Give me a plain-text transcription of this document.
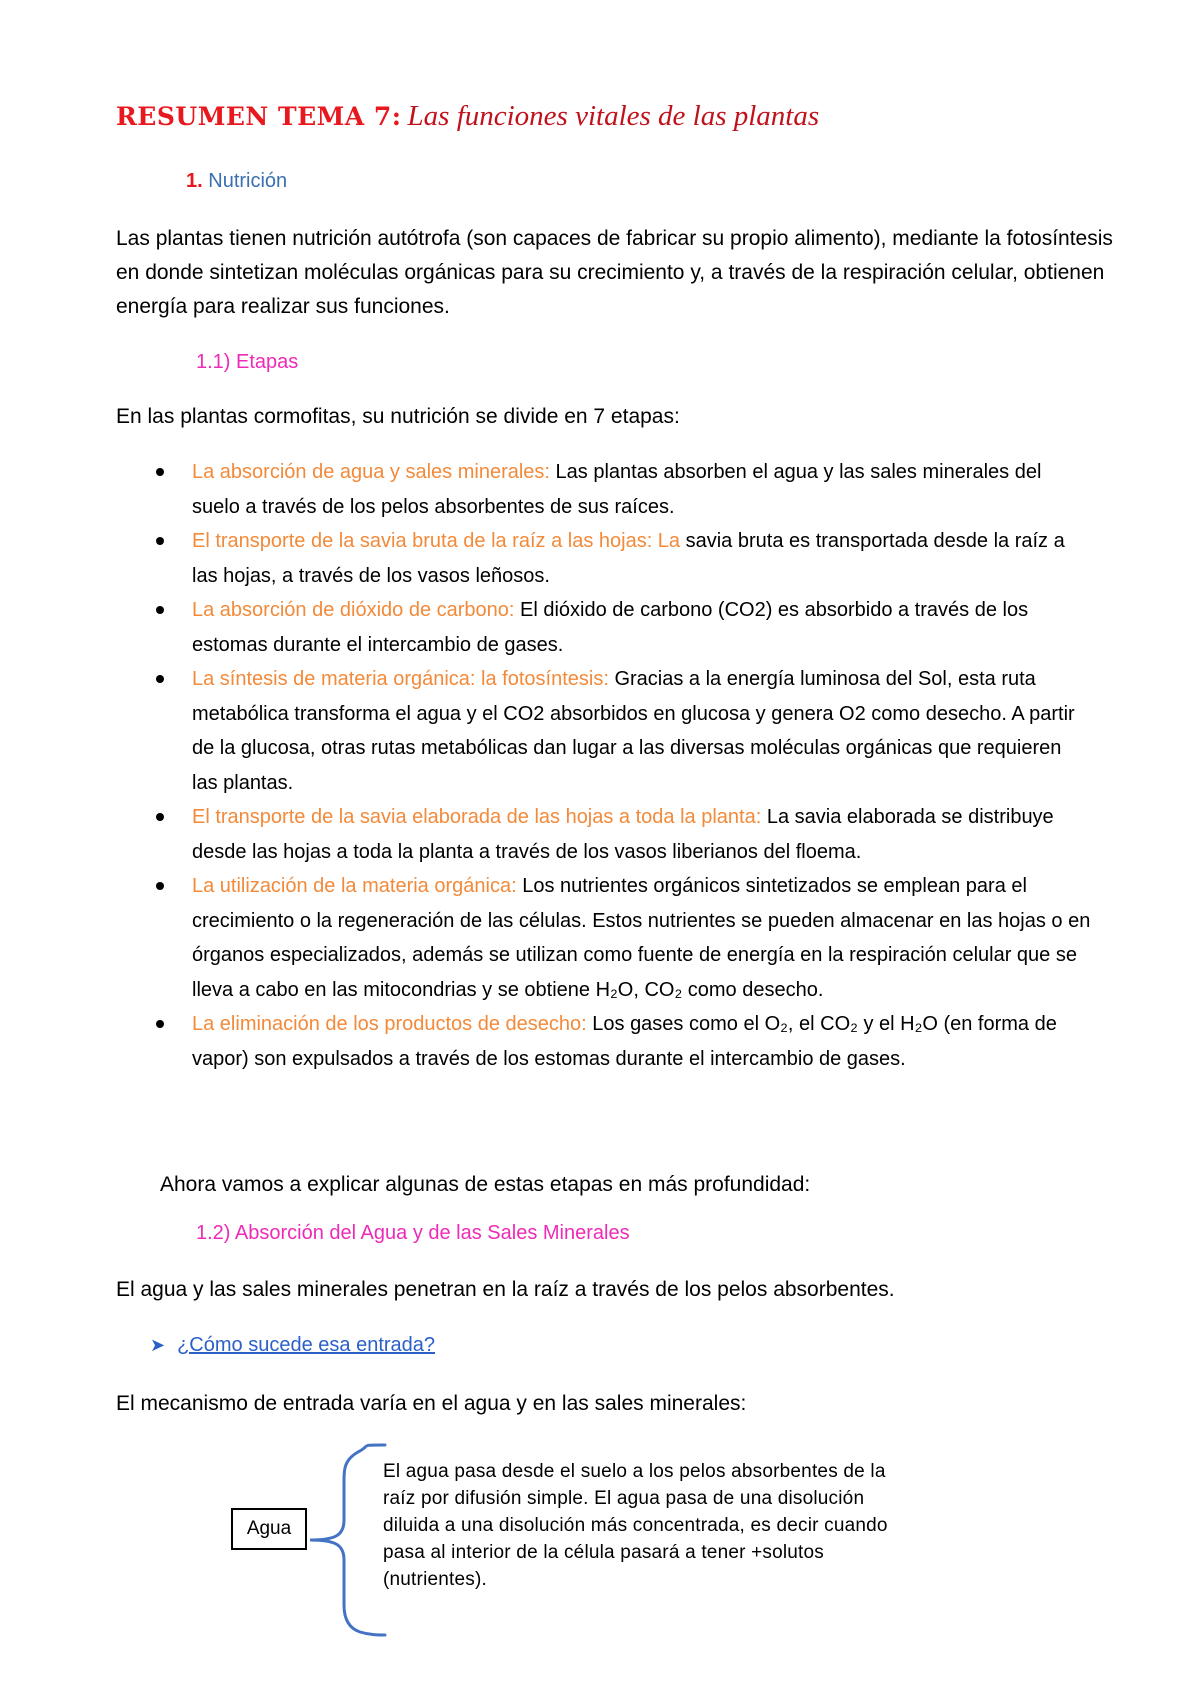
RESUMEN TEMA 7: Las funciones vitales de las plantas
1. Nutrición
Las plantas tienen nutrición autótrofa (son capaces de fabricar su propio alimento), mediante la fotosíntesis en donde sintetizan moléculas orgánicas para su crecimiento y, a través de la respiración celular, obtienen energía para realizar sus funciones.
1.1) Etapas
En las plantas cormofitas, su nutrición se divide en 7 etapas:
La absorción de agua y sales minerales: Las plantas absorben el agua y las sales minerales del suelo a través de los pelos absorbentes de sus raíces.
El transporte de la savia bruta de la raíz a las hojas: La savia bruta es transportada desde la raíz a las hojas, a través de los vasos leñosos.
La absorción de dióxido de carbono: El dióxido de carbono (CO2) es absorbido a través de los estomas durante el intercambio de gases.
La síntesis de materia orgánica: la fotosíntesis: Gracias a la energía luminosa del Sol, esta ruta metabólica transforma el agua y el CO2 absorbidos en glucosa y genera O2 como desecho. A partir de la glucosa, otras rutas metabólicas dan lugar a las diversas moléculas orgánicas que requieren las plantas.
El transporte de la savia elaborada de las hojas a toda la planta: La savia elaborada se distribuye desde las hojas a toda la planta a través de los vasos liberianos del floema.
La utilización de la materia orgánica: Los nutrientes orgánicos sintetizados se emplean para el crecimiento o la regeneración de las células. Estos nutrientes se pueden almacenar en las hojas o en órganos especializados, además se utilizan como fuente de energía en la respiración celular que se lleva a cabo en las mitocondrias y se obtiene H₂O, CO₂ como desecho.
La eliminación de los productos de desecho: Los gases como el O₂, el CO₂ y el H₂O (en forma de vapor) son expulsados a través de los estomas durante el intercambio de gases.
Ahora vamos a explicar algunas de estas etapas en más profundidad:
1.2) Absorción del Agua y de las Sales Minerales
El agua y las sales minerales penetran en la raíz a través de los pelos absorbentes.
➤ ¿Cómo sucede esa entrada?
El mecanismo de entrada varía en el agua y en las sales minerales:
Agua
El agua pasa desde el suelo a los pelos absorbentes de la raíz por difusión simple. El agua pasa de una disolución diluida a una disolución más concentrada, es decir cuando pasa al interior de la célula pasará a tener +solutos (nutrientes).
